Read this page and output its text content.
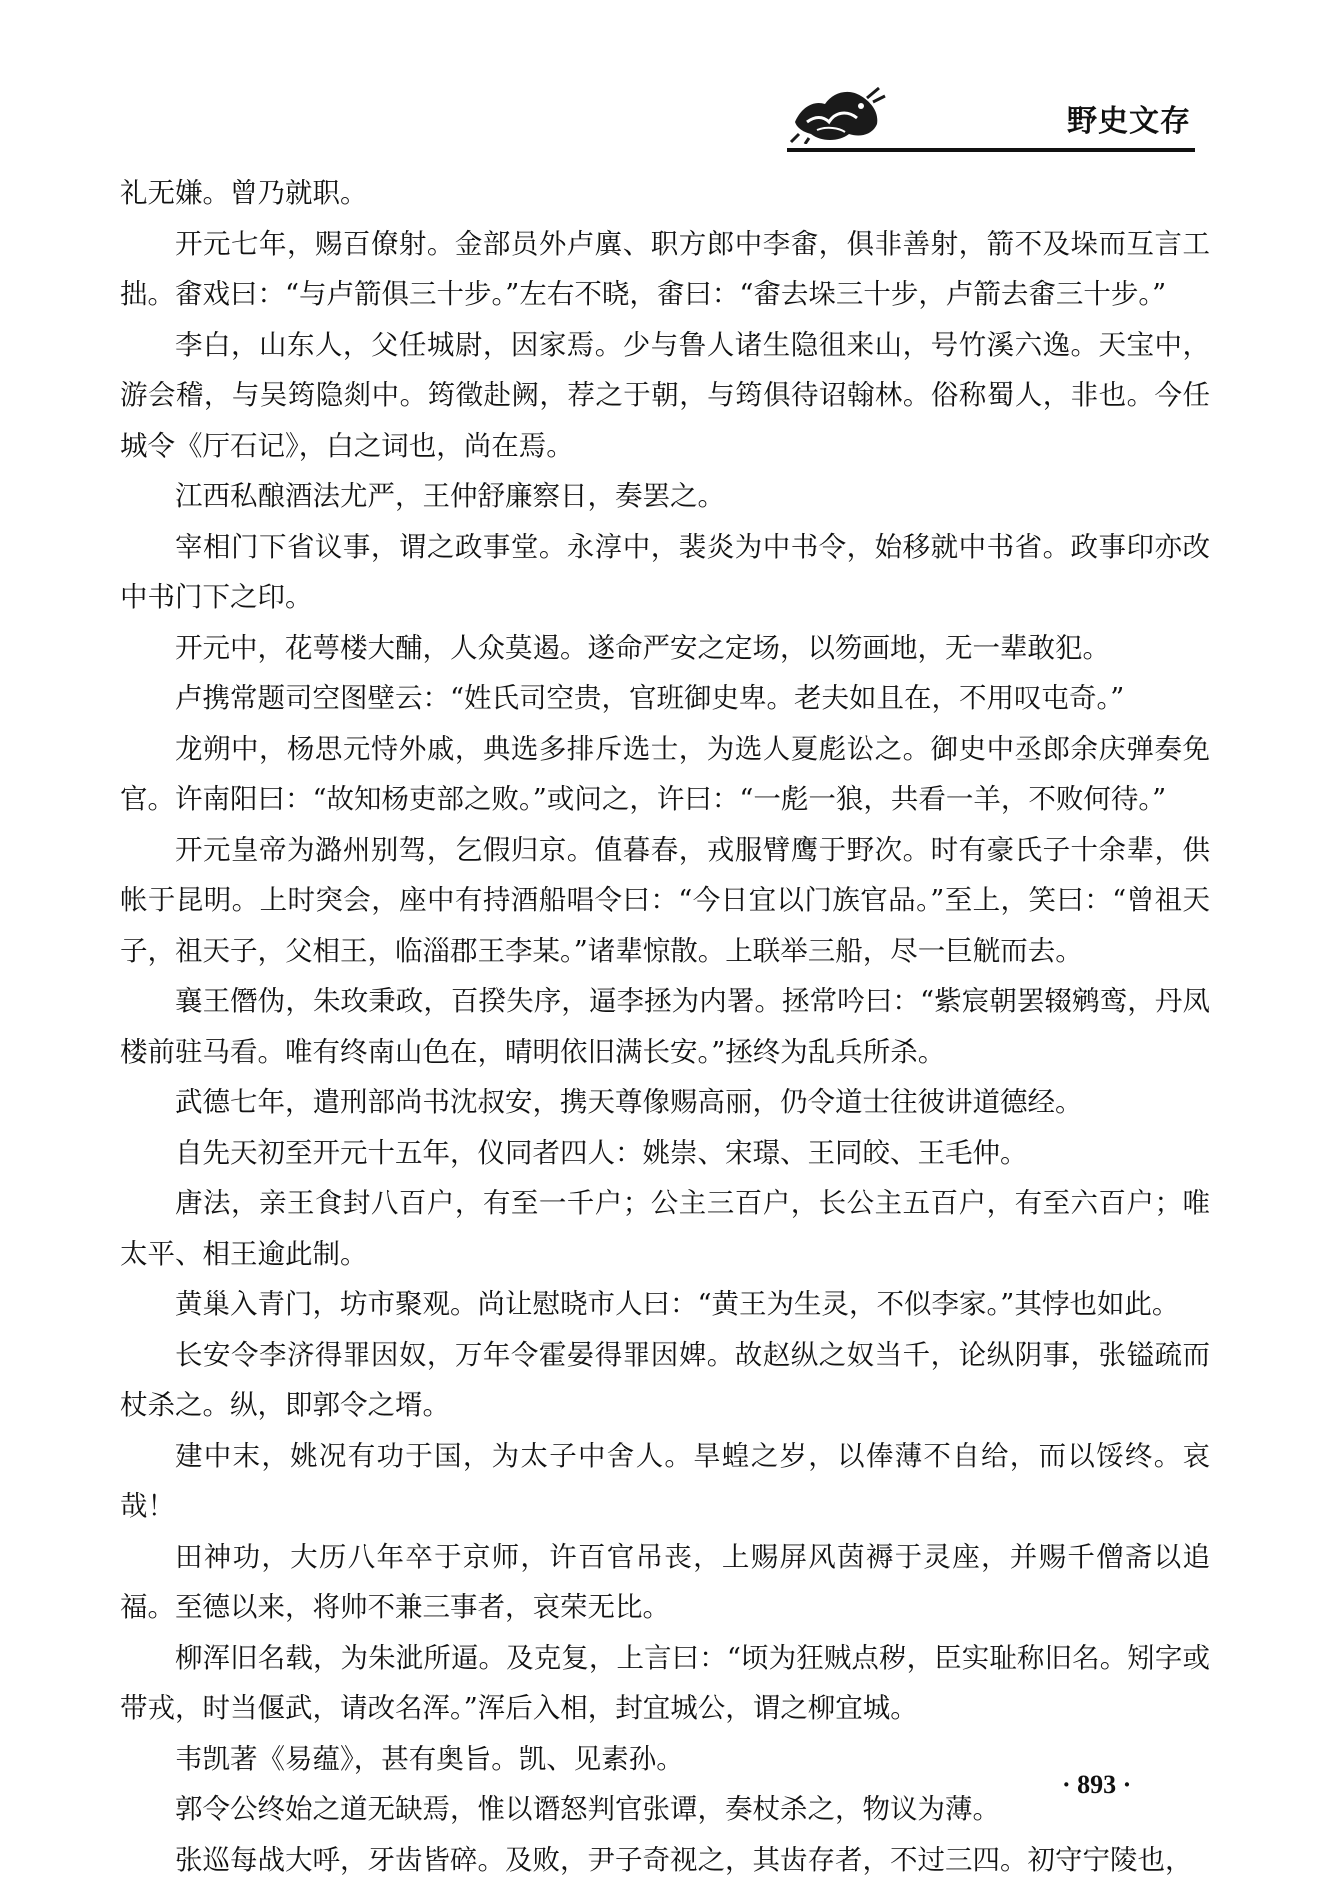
野史文存

礼无嫌。曾乃就职。

开元七年，赐百僚射。金部员外卢廙、职方郎中李畬，俱非善射，箭不及垛而互言工拙。畬戏曰：“与卢箭俱三十步。”左右不晓，畬曰：“畬去垛三十步，卢箭去畬三十步。”

李白，山东人，父任城尉，因家焉。少与鲁人诸生隐徂来山，号竹溪六逸。天宝中，游会稽，与吴筠隐剡中。筠徵赴阙，荐之于朝，与筠俱待诏翰林。俗称蜀人，非也。今任城令《厅石记》，白之词也，尚在焉。

江西私酿酒法尤严，王仲舒廉察日，奏罢之。

宰相门下省议事，谓之政事堂。永淳中，裴炎为中书令，始移就中书省。政事印亦改中书门下之印。

开元中，花萼楼大酺，人众莫遏。遂命严安之定场，以笏画地，无一辈敢犯。

卢携常题司空图壁云：“姓氏司空贵，官班御史卑。老夫如且在，不用叹屯奇。”

龙朔中，杨思元恃外戚，典选多排斥选士，为选人夏彪讼之。御史中丞郎余庆弹奏免官。许南阳曰：“故知杨吏部之败。”或问之，许曰：“一彪一狼，共看一羊，不败何待。”

开元皇帝为潞州别驾，乞假归京。值暮春，戎服臂鹰于野次。时有豪氏子十余辈，供帐于昆明。上时突会，座中有持酒船唱令曰：“今日宜以门族官品。”至上，笑曰：“曾祖天子，祖天子，父相王，临淄郡王李某。”诸辈惊散。上联举三船，尽一巨觥而去。

襄王僭伪，朱玫秉政，百揆失序，逼李拯为内署。拯常吟曰：“紫宸朝罢辍鹓鸾，丹凤楼前驻马看。唯有终南山色在，晴明依旧满长安。”拯终为乱兵所杀。

武德七年，遣刑部尚书沈叔安，携天尊像赐高丽，仍令道士往彼讲道德经。

自先天初至开元十五年，仪同者四人：姚崇、宋璟、王同皎、王毛仲。

唐法，亲王食封八百户，有至一千户；公主三百户，长公主五百户，有至六百户；唯太平、相王逾此制。

黄巢入青门，坊市聚观。尚让慰晓市人曰：“黄王为生灵，不似李家。”其悖也如此。

长安令李济得罪因奴，万年令霍晏得罪因婢。故赵纵之奴当千，论纵阴事，张镒疏而杖杀之。纵，即郭令之壻。

建中末，姚况有功于国，为太子中舍人。旱蝗之岁，以俸薄不自给，而以馁终。哀哉！

田神功，大历八年卒于京师，许百官吊丧，上赐屏风茵褥于灵座，并赐千僧斋以追福。至德以来，将帅不兼三事者，哀荣无比。

柳浑旧名载，为朱泚所逼。及克复，上言曰：“顷为狂贼点秽，臣实耻称旧名。矧字或带戎，时当偃武，请改名浑。”浑后入相，封宜城公，谓之柳宜城。

韦凯著《易蕴》，甚有奥旨。凯、见素孙。

郭令公终始之道无缺焉，惟以谮怒判官张谭，奏杖杀之，物议为薄。

张巡每战大呼，牙齿皆碎。及败，尹子奇视之，其齿存者，不过三四。初守宁陵也，

· 893 ·
